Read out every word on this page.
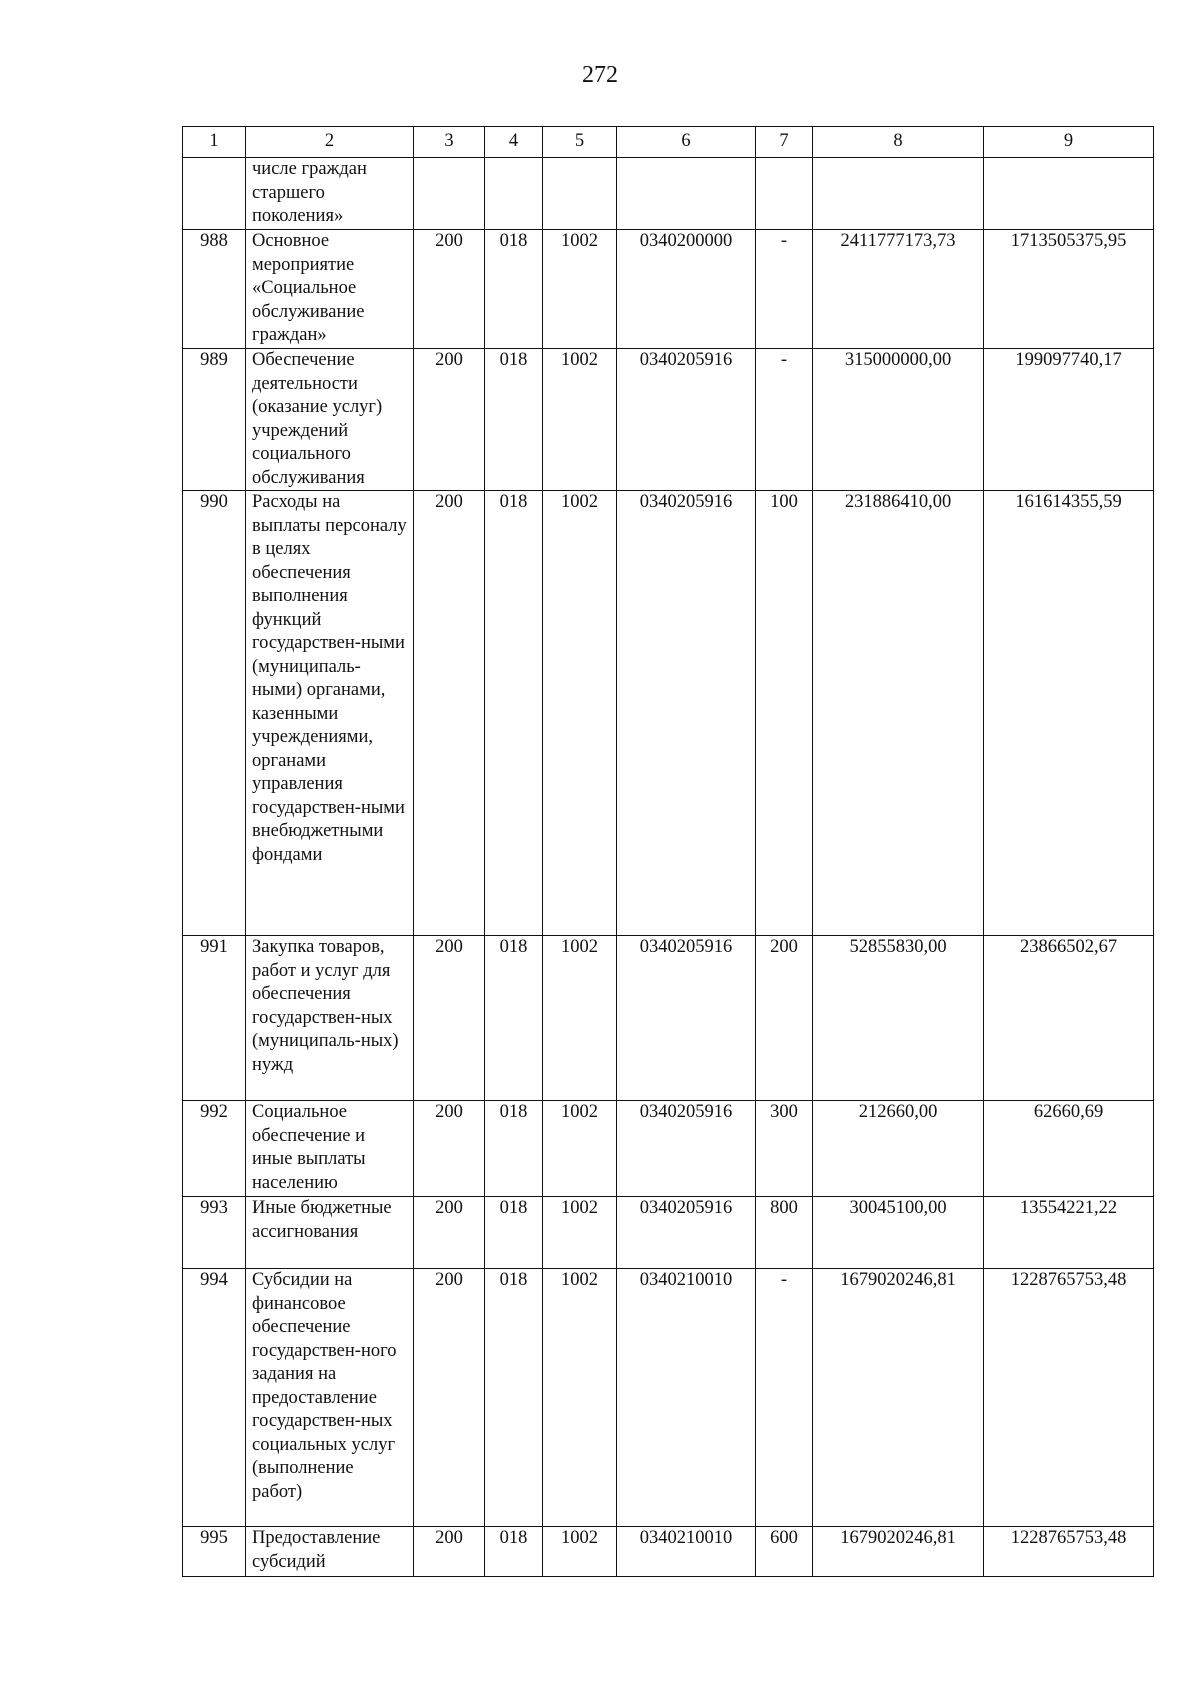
272
1	2	3	4	5	6	7	8	9
	числе граждан старшего поколения»							
988	Основное мероприятие «Социальное обслуживание граждан»	200	018	1002	0340200000	-	2411777173,73	1713505375,95
989	Обеспечение деятельности (оказание услуг) учреждений социального обслуживания	200	018	1002	0340205916	-	315000000,00	199097740,17
990	Расходы на выплаты персоналу в целях обеспечения выполнения функций государствен-ными (муниципаль-ными) органами, казенными учреждениями, органами управления государствен-ными внебюджетными фондами	200	018	1002	0340205916	100	231886410,00	161614355,59
991	Закупка товаров, работ и услуг для обеспечения государствен-ных (муниципаль-ных) нужд	200	018	1002	0340205916	200	52855830,00	23866502,67
992	Социальное обеспечение и иные выплаты населению	200	018	1002	0340205916	300	212660,00	62660,69
993	Иные бюджетные ассигнования	200	018	1002	0340205916	800	30045100,00	13554221,22
994	Субсидии на финансовое обеспечение государствен-ного задания на предоставление государствен-ных социальных услуг (выполнение работ)	200	018	1002	0340210010	-	1679020246,81	1228765753,48
995	Предоставление субсидий	200	018	1002	0340210010	600	1679020246,81	1228765753,48
